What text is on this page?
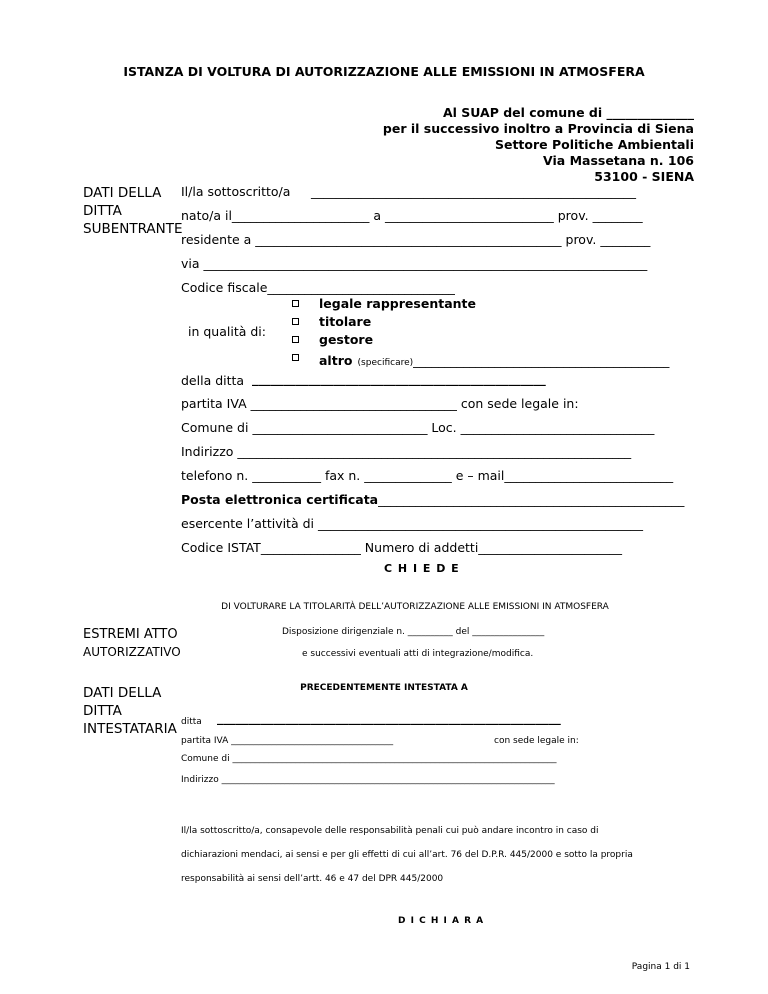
ISTANZA DI VOLTURA DI AUTORIZZAZIONE ALLE EMISSIONI IN ATMOSFERA
Al SUAP del comune di ______________
per il successivo inoltro a Provincia di Siena
Settore Politiche Ambientali
Via Massetana n. 106
53100 - SIENA
DATI DELLA DITTA SUBENTRANTE
Il/la sottoscritto/a ____________________________________________________
nato/a il______________________ a ___________________________ prov. ________
residente a _________________________________________________ prov. ________
via _______________________________________________________________________
Codice fiscale______________________________
in qualità di:
legale rappresentante
titolare
gestore
altro (specificare)_________________________________________
della ditta _______________________________________________
partita IVA _________________________________ con sede legale in:
Comune di ____________________________ Loc. _______________________________
Indirizzo _______________________________________________________________
telefono n. ___________ fax n. ______________ e – mail___________________________
Posta elettronica certificata_________________________________________________
esercente l’attività di ____________________________________________________
Codice ISTAT________________ Numero di addetti_______________________
C H I E D E
DI VOLTURARE LA TITOLARITÀ DELL’AUTORIZZAZIONE ALLE EMISSIONI IN ATMOSFERA
ESTREMI ATTO
AUTORIZZATIVO
Disposizione dirigenziale n. __________ del ________________
e successivi eventuali atti di integrazione/modifica.
PRECEDENTEMENTE INTESTATA A
DATI DELLA DITTA INTESTATARIA ditta _______________________________________________________
partita IVA ____________________________________	con sede legale in:
Comune di ________________________________________________________________________
Indirizzo __________________________________________________________________________
Il/la sottoscritto/a, consapevole delle responsabilità penali cui può andare incontro in caso di
dichiarazioni mendaci, ai sensi e per gli effetti di cui all’art. 76 del D.P.R. 445/2000 e sotto la propria
responsabilità ai sensi dell’artt. 46 e 47 del DPR 445/2000
D I C H I A R A
Pagina 1 di 1
